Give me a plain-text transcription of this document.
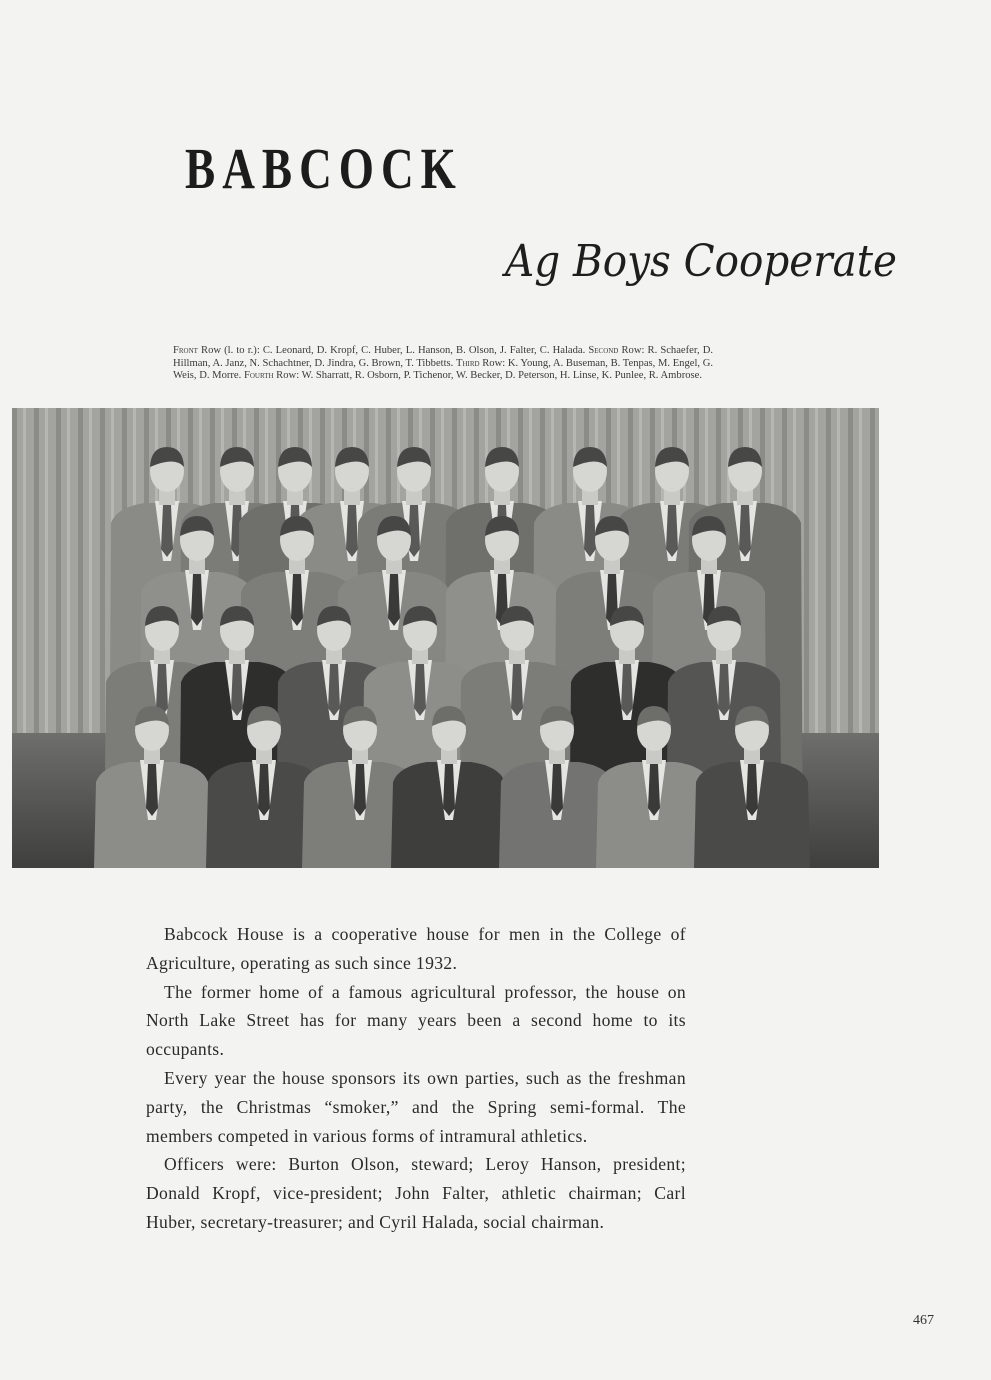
BABCOCK
Ag Boys Cooperate
Front Row (l. to r.): C. Leonard, D. Kropf, C. Huber, L. Hanson, B. Olson, J. Falter, C. Halada. Second Row: R. Schaefer, D. Hillman, A. Janz, N. Schachtner, D. Jindra, G. Brown, T. Tibbetts. Third Row: K. Young, A. Buseman, B. Tenpas, M. Engel, G. Weis, D. Morre. Fourth Row: W. Sharratt, R. Osborn, P. Tichenor, W. Becker, D. Peterson, H. Linse, K. Punlee, R. Ambrose.

Babcock House is a cooperative house for men in the College of Agriculture, operating as such since 1932.

The former home of a famous agricultural professor, the house on North Lake Street has for many years been a second home to its occupants.

Every year the house sponsors its own parties, such as the freshman party, the Christmas “smoker,” and the Spring semi-formal. The members competed in various forms of intramural athletics.

Officers were: Burton Olson, steward; Leroy Hanson, president; Donald Kropf, vice-president; John Falter, athletic chairman; Carl Huber, secretary-treasurer; and Cyril Halada, social chairman.

467
